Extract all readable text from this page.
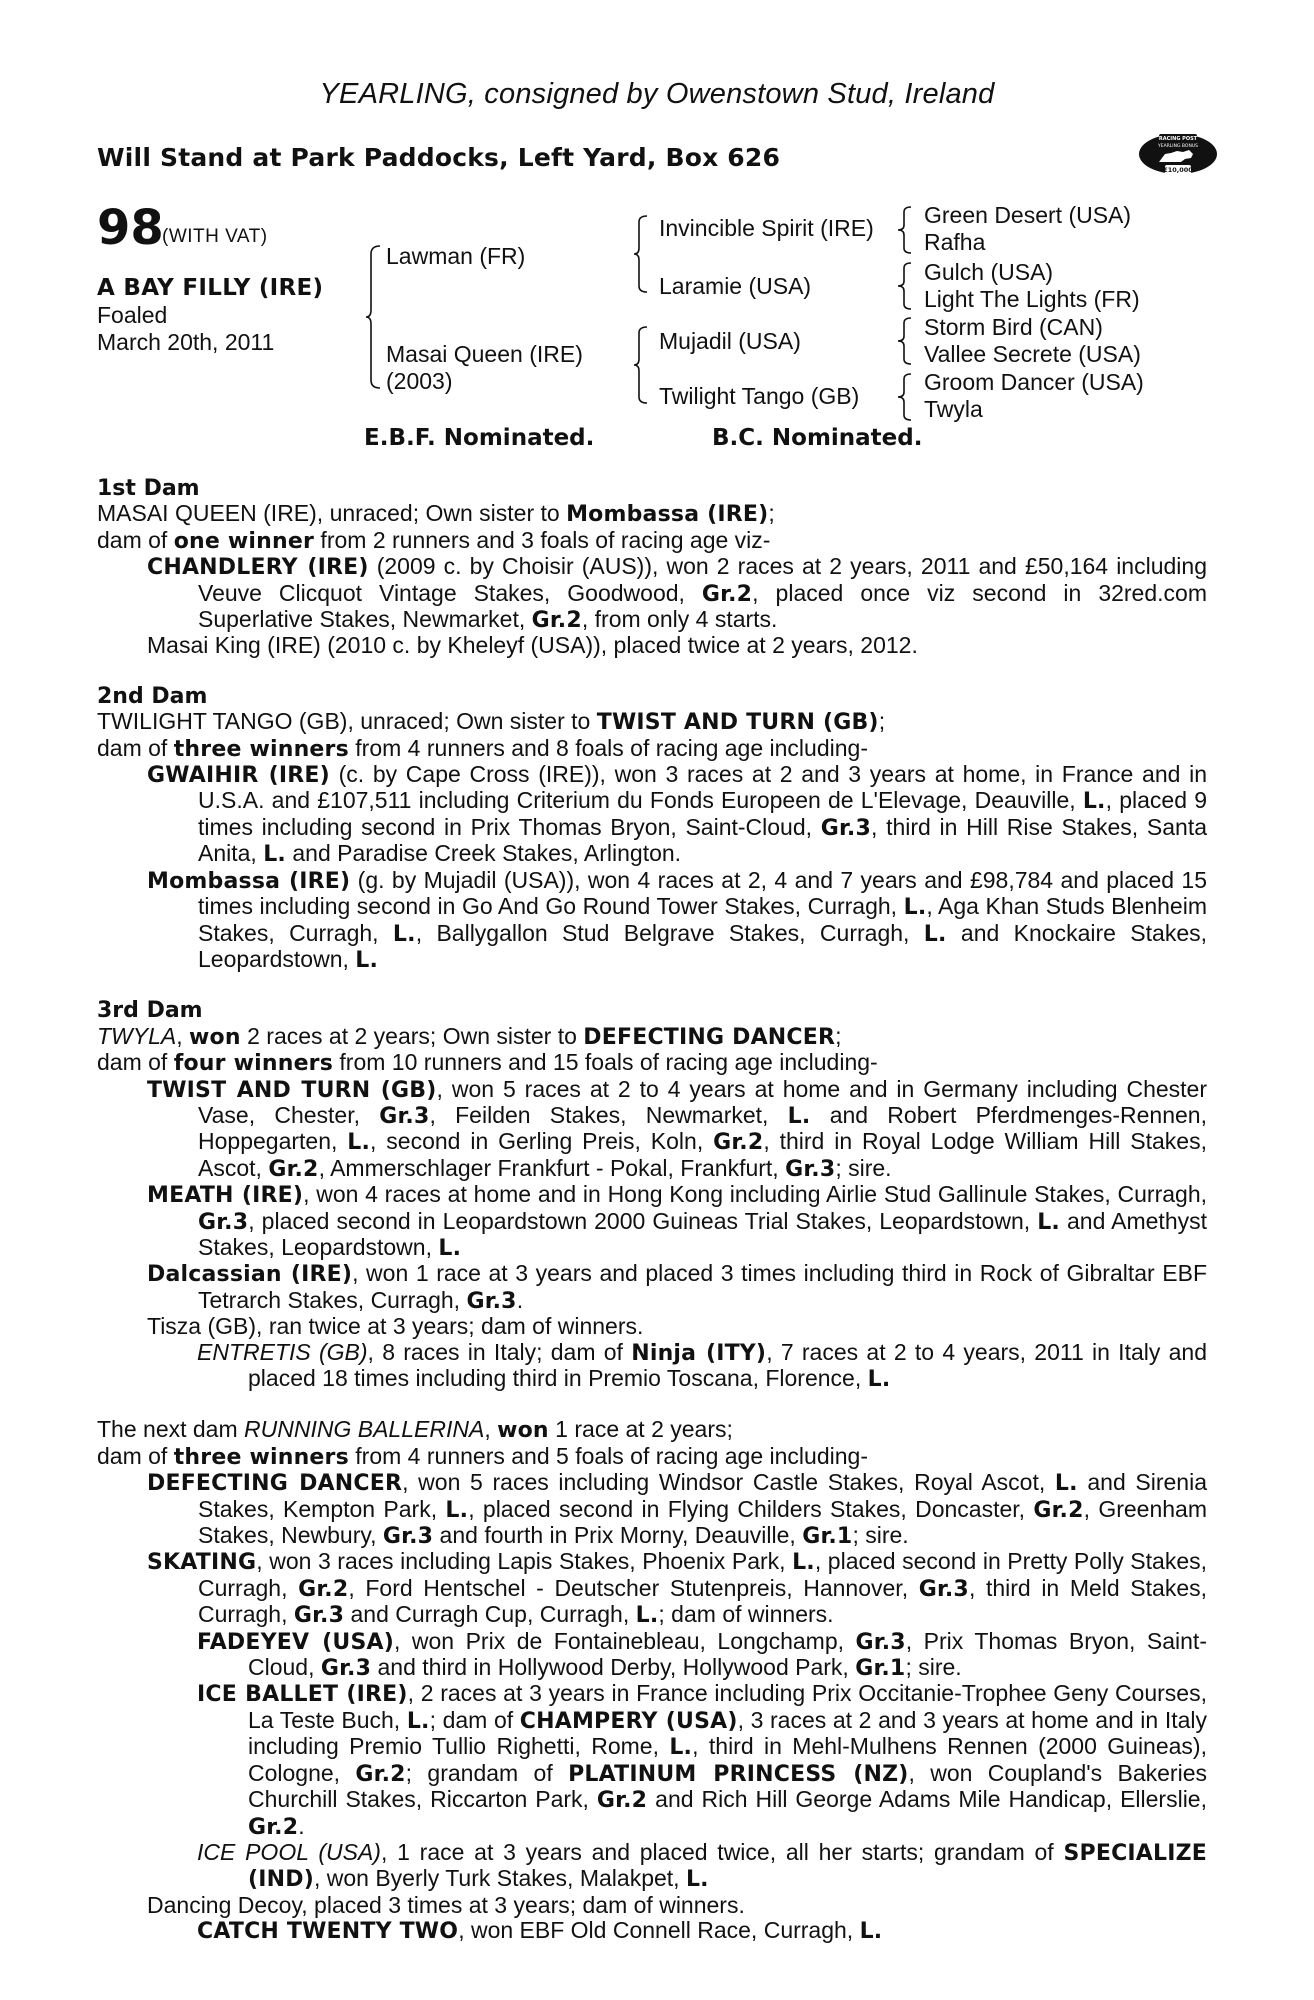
YEARLING, consigned by Owenstown Stud, Ireland
Will Stand at Park Paddocks, Left Yard, Box 626
RACING POST
YEARLING BONUS
£10,000
98
(WITH VAT)
A BAY FILLY (IRE)
Foaled
March 20th, 2011
Lawman (FR)
Masai Queen (IRE)
(2003)
Invincible Spirit (IRE)
Laramie (USA)
Mujadil (USA)
Twilight Tango (GB)
Green Desert (USA)
Rafha
Gulch (USA)
Light The Lights (FR)
Storm Bird (CAN)
Vallee Secrete (USA)
Groom Dancer (USA)
Twyla
E.B.F. Nominated.	B.C. Nominated.
1st Dam
MASAI QUEEN (IRE), unraced; Own sister to Mombassa (IRE);
dam of one winner from 2 runners and 3 foals of racing age viz-
CHANDLERY (IRE) (2009 c. by Choisir (AUS)), won 2 races at 2 years, 2011 and £50,164 including Veuve Clicquot Vintage Stakes, Goodwood, Gr.2, placed once viz second in 32red.com Superlative Stakes, Newmarket, Gr.2, from only 4 starts.
Masai King (IRE) (2010 c. by Kheleyf (USA)), placed twice at 2 years, 2012.
2nd Dam
TWILIGHT TANGO (GB), unraced; Own sister to TWIST AND TURN (GB);
dam of three winners from 4 runners and 8 foals of racing age including-
GWAIHIR (IRE) (c. by Cape Cross (IRE)), won 3 races at 2 and 3 years at home, in France and in U.S.A. and £107,511 including Criterium du Fonds Europeen de L'Elevage, Deauville, L., placed 9 times including second in Prix Thomas Bryon, Saint-Cloud, Gr.3, third in Hill Rise Stakes, Santa Anita, L. and Paradise Creek Stakes, Arlington.
Mombassa (IRE) (g. by Mujadil (USA)), won 4 races at 2, 4 and 7 years and £98,784 and placed 15 times including second in Go And Go Round Tower Stakes, Curragh, L., Aga Khan Studs Blenheim Stakes, Curragh, L., Ballygallon Stud Belgrave Stakes, Curragh, L. and Knockaire Stakes, Leopardstown, L.
3rd Dam
TWYLA, won 2 races at 2 years; Own sister to DEFECTING DANCER;
dam of four winners from 10 runners and 15 foals of racing age including-
TWIST AND TURN (GB), won 5 races at 2 to 4 years at home and in Germany including Chester Vase, Chester, Gr.3, Feilden Stakes, Newmarket, L. and Robert Pferdmenges-Rennen, Hoppegarten, L., second in Gerling Preis, Koln, Gr.2, third in Royal Lodge William Hill Stakes, Ascot, Gr.2, Ammerschlager Frankfurt - Pokal, Frankfurt, Gr.3; sire.
MEATH (IRE), won 4 races at home and in Hong Kong including Airlie Stud Gallinule Stakes, Curragh, Gr.3, placed second in Leopardstown 2000 Guineas Trial Stakes, Leopardstown, L. and Amethyst Stakes, Leopardstown, L.
Dalcassian (IRE), won 1 race at 3 years and placed 3 times including third in Rock of Gibraltar EBF Tetrarch Stakes, Curragh, Gr.3.
Tisza (GB), ran twice at 3 years; dam of winners.
ENTRETIS (GB), 8 races in Italy; dam of Ninja (ITY), 7 races at 2 to 4 years, 2011 in Italy and placed 18 times including third in Premio Toscana, Florence, L.
The next dam RUNNING BALLERINA, won 1 race at 2 years;
dam of three winners from 4 runners and 5 foals of racing age including-
DEFECTING DANCER, won 5 races including Windsor Castle Stakes, Royal Ascot, L. and Sirenia Stakes, Kempton Park, L., placed second in Flying Childers Stakes, Doncaster, Gr.2, Greenham Stakes, Newbury, Gr.3 and fourth in Prix Morny, Deauville, Gr.1; sire.
SKATING, won 3 races including Lapis Stakes, Phoenix Park, L., placed second in Pretty Polly Stakes, Curragh, Gr.2, Ford Hentschel - Deutscher Stutenpreis, Hannover, Gr.3, third in Meld Stakes, Curragh, Gr.3 and Curragh Cup, Curragh, L.; dam of winners.
FADEYEV (USA), won Prix de Fontainebleau, Longchamp, Gr.3, Prix Thomas Bryon, Saint-Cloud, Gr.3 and third in Hollywood Derby, Hollywood Park, Gr.1; sire.
ICE BALLET (IRE), 2 races at 3 years in France including Prix Occitanie-Trophee Geny Courses, La Teste Buch, L.; dam of CHAMPERY (USA), 3 races at 2 and 3 years at home and in Italy including Premio Tullio Righetti, Rome, L., third in Mehl-Mulhens Rennen (2000 Guineas), Cologne, Gr.2; grandam of PLATINUM PRINCESS (NZ), won Coupland's Bakeries Churchill Stakes, Riccarton Park, Gr.2 and Rich Hill George Adams Mile Handicap, Ellerslie, Gr.2.
ICE POOL (USA), 1 race at 3 years and placed twice, all her starts; grandam of SPECIALIZE (IND), won Byerly Turk Stakes, Malakpet, L.
Dancing Decoy, placed 3 times at 3 years; dam of winners.
CATCH TWENTY TWO, won EBF Old Connell Race, Curragh, L.
